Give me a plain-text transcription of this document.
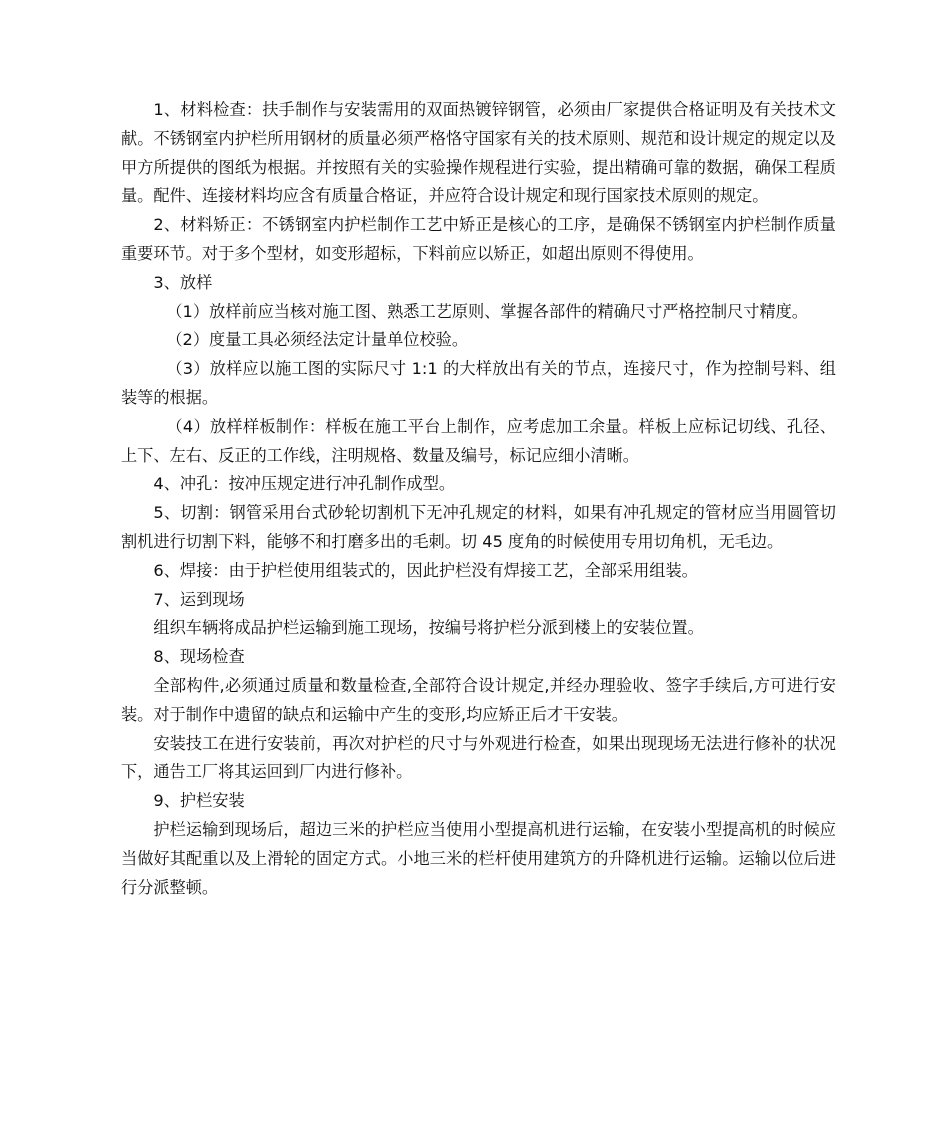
1、材料检查：扶手制作与安装需用的双面热镀锌钢管，必须由厂家提供合格证明及有关技术文献。不锈钢室内护栏所用钢材的质量必须严格恪守国家有关的技术原则、规范和设计规定的规定以及甲方所提供的图纸为根据。并按照有关的实验操作规程进行实验，提出精确可靠的数据，确保工程质量。配件、连接材料均应含有质量合格证，并应符合设计规定和现行国家技术原则的规定。

2、材料矫正：不锈钢室内护栏制作工艺中矫正是核心的工序，是确保不锈钢室内护栏制作质量重要环节。对于多个型材，如变形超标，下料前应以矫正，如超出原则不得使用。

3、放样

（1）放样前应当核对施工图、熟悉工艺原则、掌握各部件的精确尺寸严格控制尺寸精度。

（2）度量工具必须经法定计量单位校验。

（3）放样应以施工图的实际尺寸 1:1 的大样放出有关的节点，连接尺寸，作为控制号料、组装等的根据。

（4）放样样板制作：样板在施工平台上制作，应考虑加工余量。样板上应标记切线、孔径、上下、左右、反正的工作线，注明规格、数量及编号，标记应细小清晰。

4、冲孔：按冲压规定进行冲孔制作成型。

5、切割：钢管采用台式砂轮切割机下无冲孔规定的材料，如果有冲孔规定的管材应当用圆管切割机进行切割下料，能够不和打磨多出的毛刺。切 45 度角的时候使用专用切角机，无毛边。

6、焊接：由于护栏使用组装式的，因此护栏没有焊接工艺，全部采用组装。

7、运到现场

组织车辆将成品护栏运输到施工现场，按编号将护栏分派到楼上的安装位置。

8、现场检查

全部构件,必须通过质量和数量检查,全部符合设计规定,并经办理验收、签字手续后,方可进行安装。对于制作中遗留的缺点和运输中产生的变形,均应矫正后才干安装。

安装技工在进行安装前，再次对护栏的尺寸与外观进行检查，如果出现现场无法进行修补的状况下，通告工厂将其运回到厂内进行修补。

9、护栏安装

护栏运输到现场后，超边三米的护栏应当使用小型提高机进行运输，在安装小型提高机的时候应当做好其配重以及上滑轮的固定方式。小地三米的栏杆使用建筑方的升降机进行运输。运输以位后进行分派整顿。
